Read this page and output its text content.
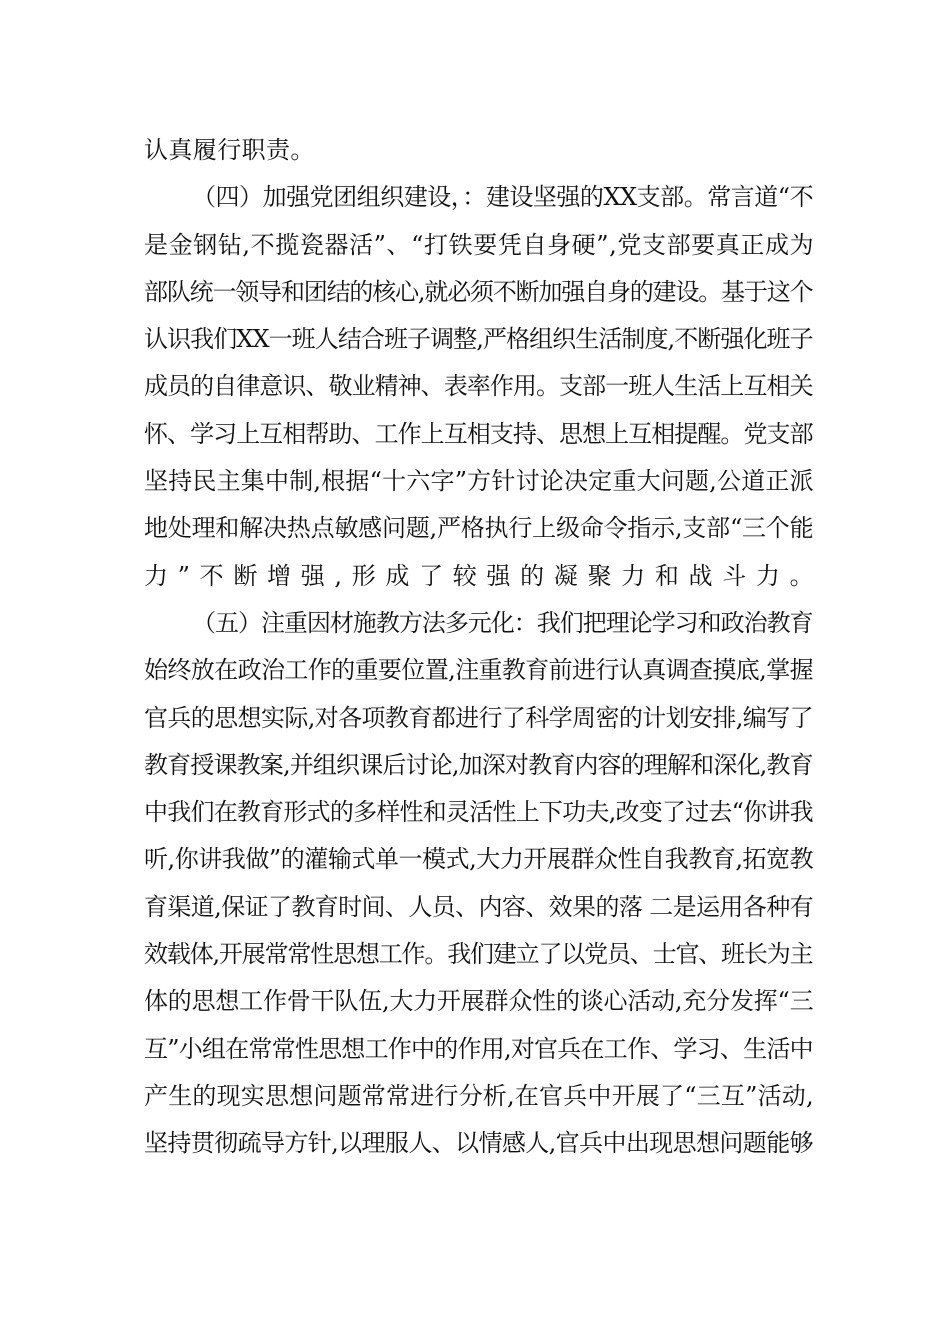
认真履行职责。
（四）加强党团组织建设，：建设坚强的XX支部。常言道“不
是金钢钻,不揽瓷器活”、“打铁要凭自身硬”,党支部要真正成为
部队统一领导和团结的核心,就必须不断加强自身的建设。基于这个
认识我们XX一班人结合班子调整,严格组织生活制度,不断强化班子
成员的自律意识、敬业精神、表率作用。支部一班人生活上互相关
怀、学习上互相帮助、工作上互相支持、思想上互相提醒。党支部
坚持民主集中制,根据“十六字”方针讨论决定重大问题,公道正派
地处理和解决热点敏感问题,严格执行上级命令指示,支部“三个能
力”不断增强,形成了较强的凝聚力和战斗力。
（五）注重因材施教方法多元化：我们把理论学习和政治教育
始终放在政治工作的重要位置,注重教育前进行认真调查摸底,掌握
官兵的思想实际,对各项教育都进行了科学周密的计划安排,编写了
教育授课教案,并组织课后讨论,加深对教育内容的理解和深化,教育
中我们在教育形式的多样性和灵活性上下功夫,改变了过去“你讲我
听,你讲我做”的灌输式单一模式,大力开展群众性自我教育,拓宽教
育渠道,保证了教育时间、人员、内容、效果的落 二是运用各种有
效载体,开展常常性思想工作。我们建立了以党员、士官、班长为主
体的思想工作骨干队伍,大力开展群众性的谈心活动,充分发挥“三
互”小组在常常性思想工作中的作用,对官兵在工作、学习、生活中
产生的现实思想问题常常进行分析,在官兵中开展了“三互”活动,
坚持贯彻疏导方针,以理服人、以情感人,官兵中出现思想问题能够
